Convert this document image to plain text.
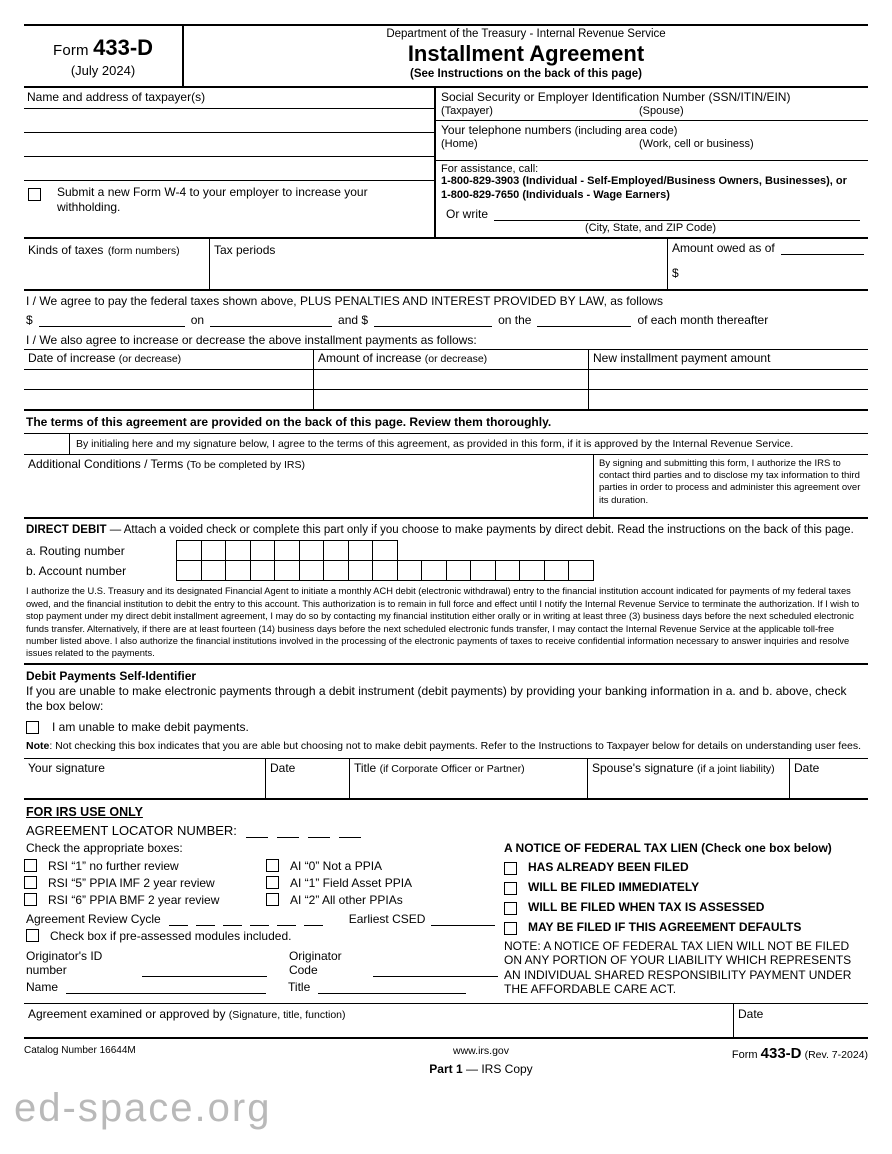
Form 433-D
(July 2024)
Department of the Treasury - Internal Revenue Service
Installment Agreement
(See Instructions on the back of this page)
Name and address of taxpayer(s)
Submit a new Form W-4 to your employer to increase your withholding.
Social Security or Employer Identification Number (SSN/ITIN/EIN)
(Taxpayer)	(Spouse)
Your telephone numbers (including area code)
(Home)	(Work, cell or business)
For assistance, call:
1-800-829-3903 (Individual - Self-Employed/Business Owners, Businesses), or
1-800-829-7650 (Individuals - Wage Earners)
Or write
(City, State, and ZIP Code)
Kinds of taxes (form numbers)	Tax periods	Amount owed as of
$
I / We agree to pay the federal taxes shown above, PLUS PENALTIES AND INTEREST PROVIDED BY LAW, as follows
$	on	and $	on the	of each month thereafter
I / We also agree to increase or decrease the above installment payments as follows:
Date of increase (or decrease)	Amount of increase (or decrease)	New installment payment amount
The terms of this agreement are provided on the back of this page. Review them thoroughly.
By initialing here and my signature below, I agree to the terms of this agreement, as provided in this form, if it is approved by the Internal Revenue Service.
Additional Conditions / Terms (To be completed by IRS)	By signing and submitting this form, I authorize the IRS to contact third parties and to disclose my tax information to third parties in order to process and administer this agreement over its duration.
DIRECT DEBIT — Attach a voided check or complete this part only if you choose to make payments by direct debit. Read the instructions on the back of this page.
a. Routing number
b. Account number
I authorize the U.S. Treasury and its designated Financial Agent to initiate a monthly ACH debit (electronic withdrawal) entry to the financial institution account indicated for payments of my federal taxes owed, and the financial institution to debit the entry to this account. This authorization is to remain in full force and effect until I notify the Internal Revenue Service to terminate the authorization. If I wish to stop payment under my direct debit installment agreement, I may do so by contacting my financial institution either orally or in writing at least three (3) business days before the next scheduled electronic funds transfer. Alternatively, if there are at least fourteen (14) business days before the next scheduled electronic funds transfer, I may contact the Internal Revenue Service at the applicable toll-free number listed above. I also authorize the financial institutions involved in the processing of the electronic payments of taxes to receive confidential information necessary to answer inquiries and resolve issues related to the payments.
Debit Payments Self-Identifier
If you are unable to make electronic payments through a debit instrument (debit payments) by providing your banking information in a. and b. above, check the box below:
I am unable to make debit payments.
Note: Not checking this box indicates that you are able but choosing not to make debit payments. Refer to the Instructions to Taxpayer below for details on understanding user fees.
Your signature	Date	Title (if Corporate Officer or Partner)	Spouse's signature (if a joint liability)	Date
FOR IRS USE ONLY
AGREEMENT LOCATOR NUMBER:
Check the appropriate boxes:
RSI “1” no further review
RSI “5” PPIA IMF 2 year review
RSI “6” PPIA BMF 2 year review
AI “0” Not a PPIA
AI “1” Field Asset PPIA
AI “2” All other PPIAs
Agreement Review Cycle	Earliest CSED
Check box if pre-assessed modules included.
Originator's ID number
Originator Code
Name	Title
A NOTICE OF FEDERAL TAX LIEN (Check one box below)
HAS ALREADY BEEN FILED
WILL BE FILED IMMEDIATELY
WILL BE FILED WHEN TAX IS ASSESSED
MAY BE FILED IF THIS AGREEMENT DEFAULTS
NOTE: A NOTICE OF FEDERAL TAX LIEN WILL NOT BE FILED ON ANY PORTION OF YOUR LIABILITY WHICH REPRESENTS AN INDIVIDUAL SHARED RESPONSIBILITY PAYMENT UNDER THE AFFORDABLE CARE ACT.
Agreement examined or approved by (Signature, title, function)	Date
Catalog Number 16644M	www.irs.gov
Part 1 — IRS Copy
Form 433-D (Rev. 7-2024)
ed-space.org
